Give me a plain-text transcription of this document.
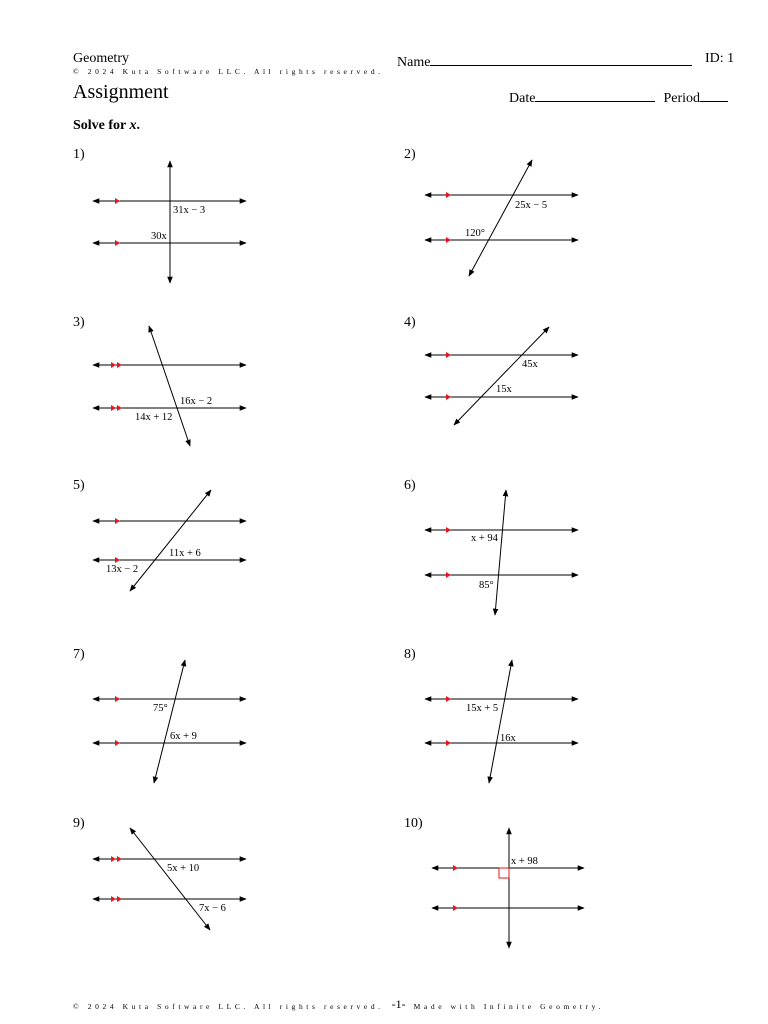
Geometry	Name	ID: 1
© 2024 Kuta Software LLC. All rights reserved.
Assignment	Date	Period
Solve for x.
1)	2)
3)	4)
5)	6)
7)	8)
9)	10)
31x − 3
30x
25x − 5
120°
16x − 2
14x + 12
45x
15x
11x + 6
13x − 2
x + 94
85°
75°
6x + 9
15x + 5
16x
5x + 10
7x − 6
x + 98
© 2024 Kuta Software LLC. All rights reserved. -1- Made with Infinite Geometry.
